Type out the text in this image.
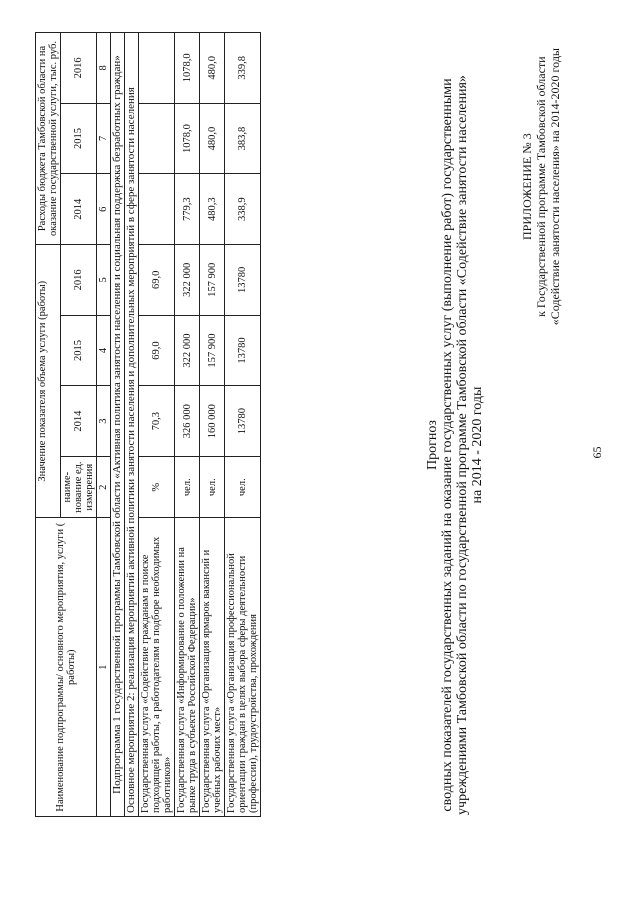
65
ПРИЛОЖЕНИЕ № 3 к Государственной программе Тамбовской области «Содействие занятости населения» на 2014-2020 годы
Прогноз сводных показателей государственных заданий на оказание государственных услуг (выполнение работ) государственными учреждениями Тамбовской области по государственной программе Тамбовской области «Содействие занятости населения» на 2014 - 2020 годы
Наименование подпрограммы/ основного мероприятия, услуги ( работы)	Значение показателя объема услуги (работы)				Расходы бюджета Тамбовской области на оказание государственной услуги, тыс. руб.		
	наиме-нование ед. измерения	2014	2015	2016	2014	2015	2016
1	2	3	4	5	6	7	8
Подпрограмма 1 государственной программы Тамбовской области «Активная политика занятости населения и социальная поддержка безработных граждан»							
Основное мероприятие 2: реализация мероприятий активной политики занятости населения и дополнительных мероприятий в сфере занятости населения							
Государственная услуга «Содействие гражданам в поиске подходящей работы, а работодателям в подборе необходимых работников»	%	70,3	69,0	69,0			
Государственная услуга «Информирование о положении на рынке труда в субъекте Российской Федерации»	чел.	326 000	322 000	322 000	779,3	1078,0	1078,0
Государственная услуга «Организация ярмарок вакансий и учебных рабочих мест»	чел.	160 000	157 900	157 900	480,3	480,0	480,0
Государственная услуга «Организация профессиональной ориентации граждан в целях выбора сферы деятельности (профессии), трудоустройства, прохождения	чел.	13780	13780	13780	338,9	383,8	339,8
